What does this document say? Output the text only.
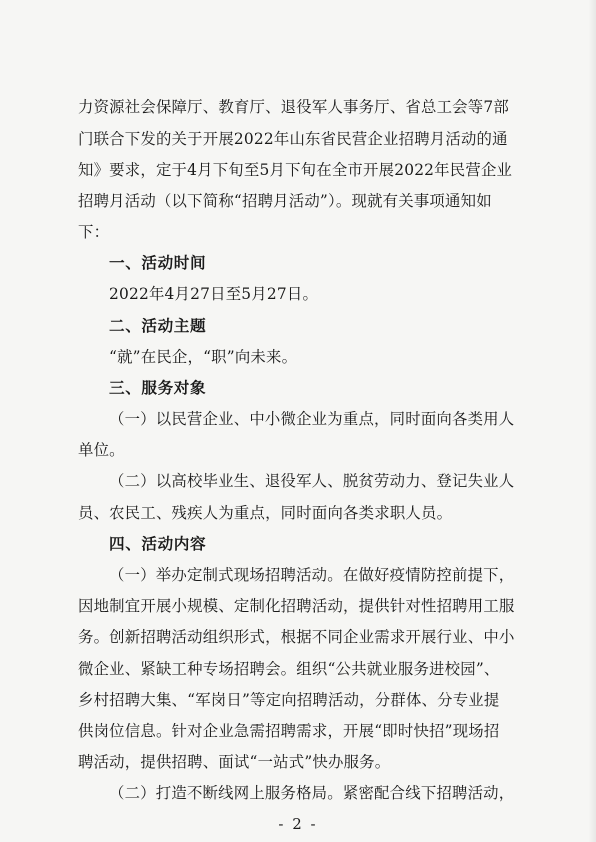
力资源社会保障厅、教育厅、退役军人事务厅、省总工会等7部
门联合下发的关于开展2022年山东省民营企业招聘月活动的通
知》要求，定于4月下旬至5月下旬在全市开展2022年民营企业
招聘月活动（以下简称“招聘月活动”）。现就有关事项通知如
下：
一、活动时间
2022年4月27日至5月27日。
二、活动主题
“就”在民企，“职”向未来。
三、服务对象
（一）以民营企业、中小微企业为重点，同时面向各类用人
单位。
（二）以高校毕业生、退役军人、脱贫劳动力、登记失业人
员、农民工、残疾人为重点，同时面向各类求职人员。
四、活动内容
（一）举办定制式现场招聘活动。在做好疫情防控前提下，
因地制宜开展小规模、定制化招聘活动，提供针对性招聘用工服
务。创新招聘活动组织形式，根据不同企业需求开展行业、中小
微企业、紧缺工种专场招聘会。组织“公共就业服务进校园”、
乡村招聘大集、“军岗日”等定向招聘活动，分群体、分专业提
供岗位信息。针对企业急需招聘需求，开展“即时快招”现场招
聘活动，提供招聘、面试“一站式”快办服务。
（二）打造不断线网上服务格局。紧密配合线下招聘活动，
- 2 -
